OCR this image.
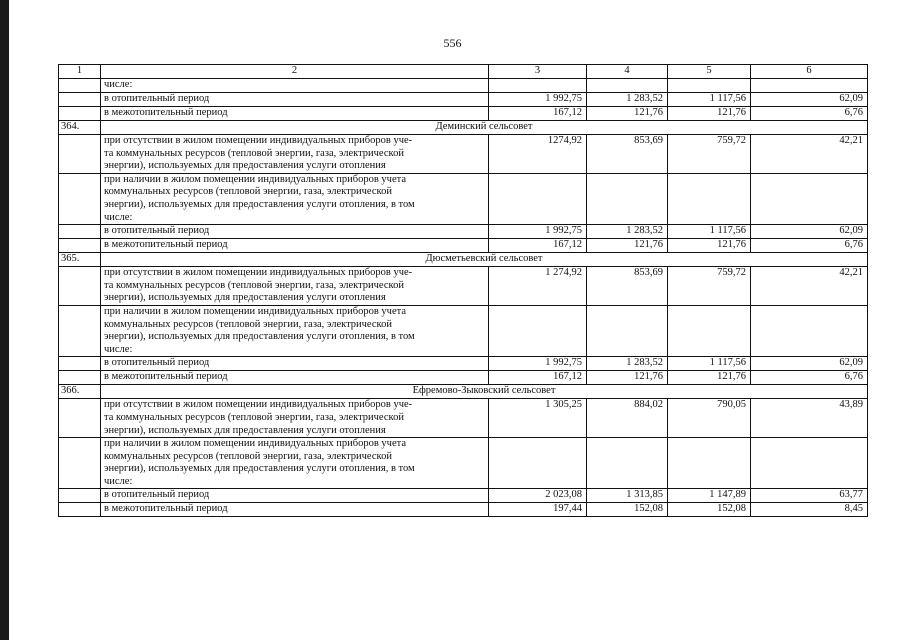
556
1	2	3	4	5	6
	числе:				
	в отопительный период	1 992,75	1 283,52	1 117,56	62,09
	в межотопительный период	167,12	121,76	121,76	6,76
364.	Деминский сельсовет				
	при отсутствии в жилом помещении индивидуальных приборов уче-
та коммунальных ресурсов (тепловой энергии, газа, электрической
энергии), используемых для предоставления услуги отопления	1274,92	853,69	759,72	42,21
	при наличии в жилом помещении индивидуальных приборов учета
коммунальных ресурсов (тепловой энергии, газа, электрической
энергии), используемых для предоставления услуги отопления, в том
числе:				
	в отопительный период	1 992,75	1 283,52	1 117,56	62,09
	в межотопительный период	167,12	121,76	121,76	6,76
365.	Дюсметьевский сельсовет				
	при отсутствии в жилом помещении индивидуальных приборов уче-
та коммунальных ресурсов (тепловой энергии, газа, электрической
энергии), используемых для предоставления услуги отопления	1 274,92	853,69	759,72	42,21
	при наличии в жилом помещении индивидуальных приборов учета
коммунальных ресурсов (тепловой энергии, газа, электрической
энергии), используемых для предоставления услуги отопления, в том
числе:				
	в отопительный период	1 992,75	1 283,52	1 117,56	62,09
	в межотопительный период	167,12	121,76	121,76	6,76
366.	Ефремово-Зыковский сельсовет				
	при отсутствии в жилом помещении индивидуальных приборов уче-
та коммунальных ресурсов (тепловой энергии, газа, электрической
энергии), используемых для предоставления услуги отопления	1 305,25	884,02	790,05	43,89
	при наличии в жилом помещении индивидуальных приборов учета
коммунальных ресурсов (тепловой энергии, газа, электрической
энергии), используемых для предоставления услуги отопления, в том
числе:				
	в отопительный период	2 023,08	1 313,85	1 147,89	63,77
	в межотопительный период	197,44	152,08	152,08	8,45
